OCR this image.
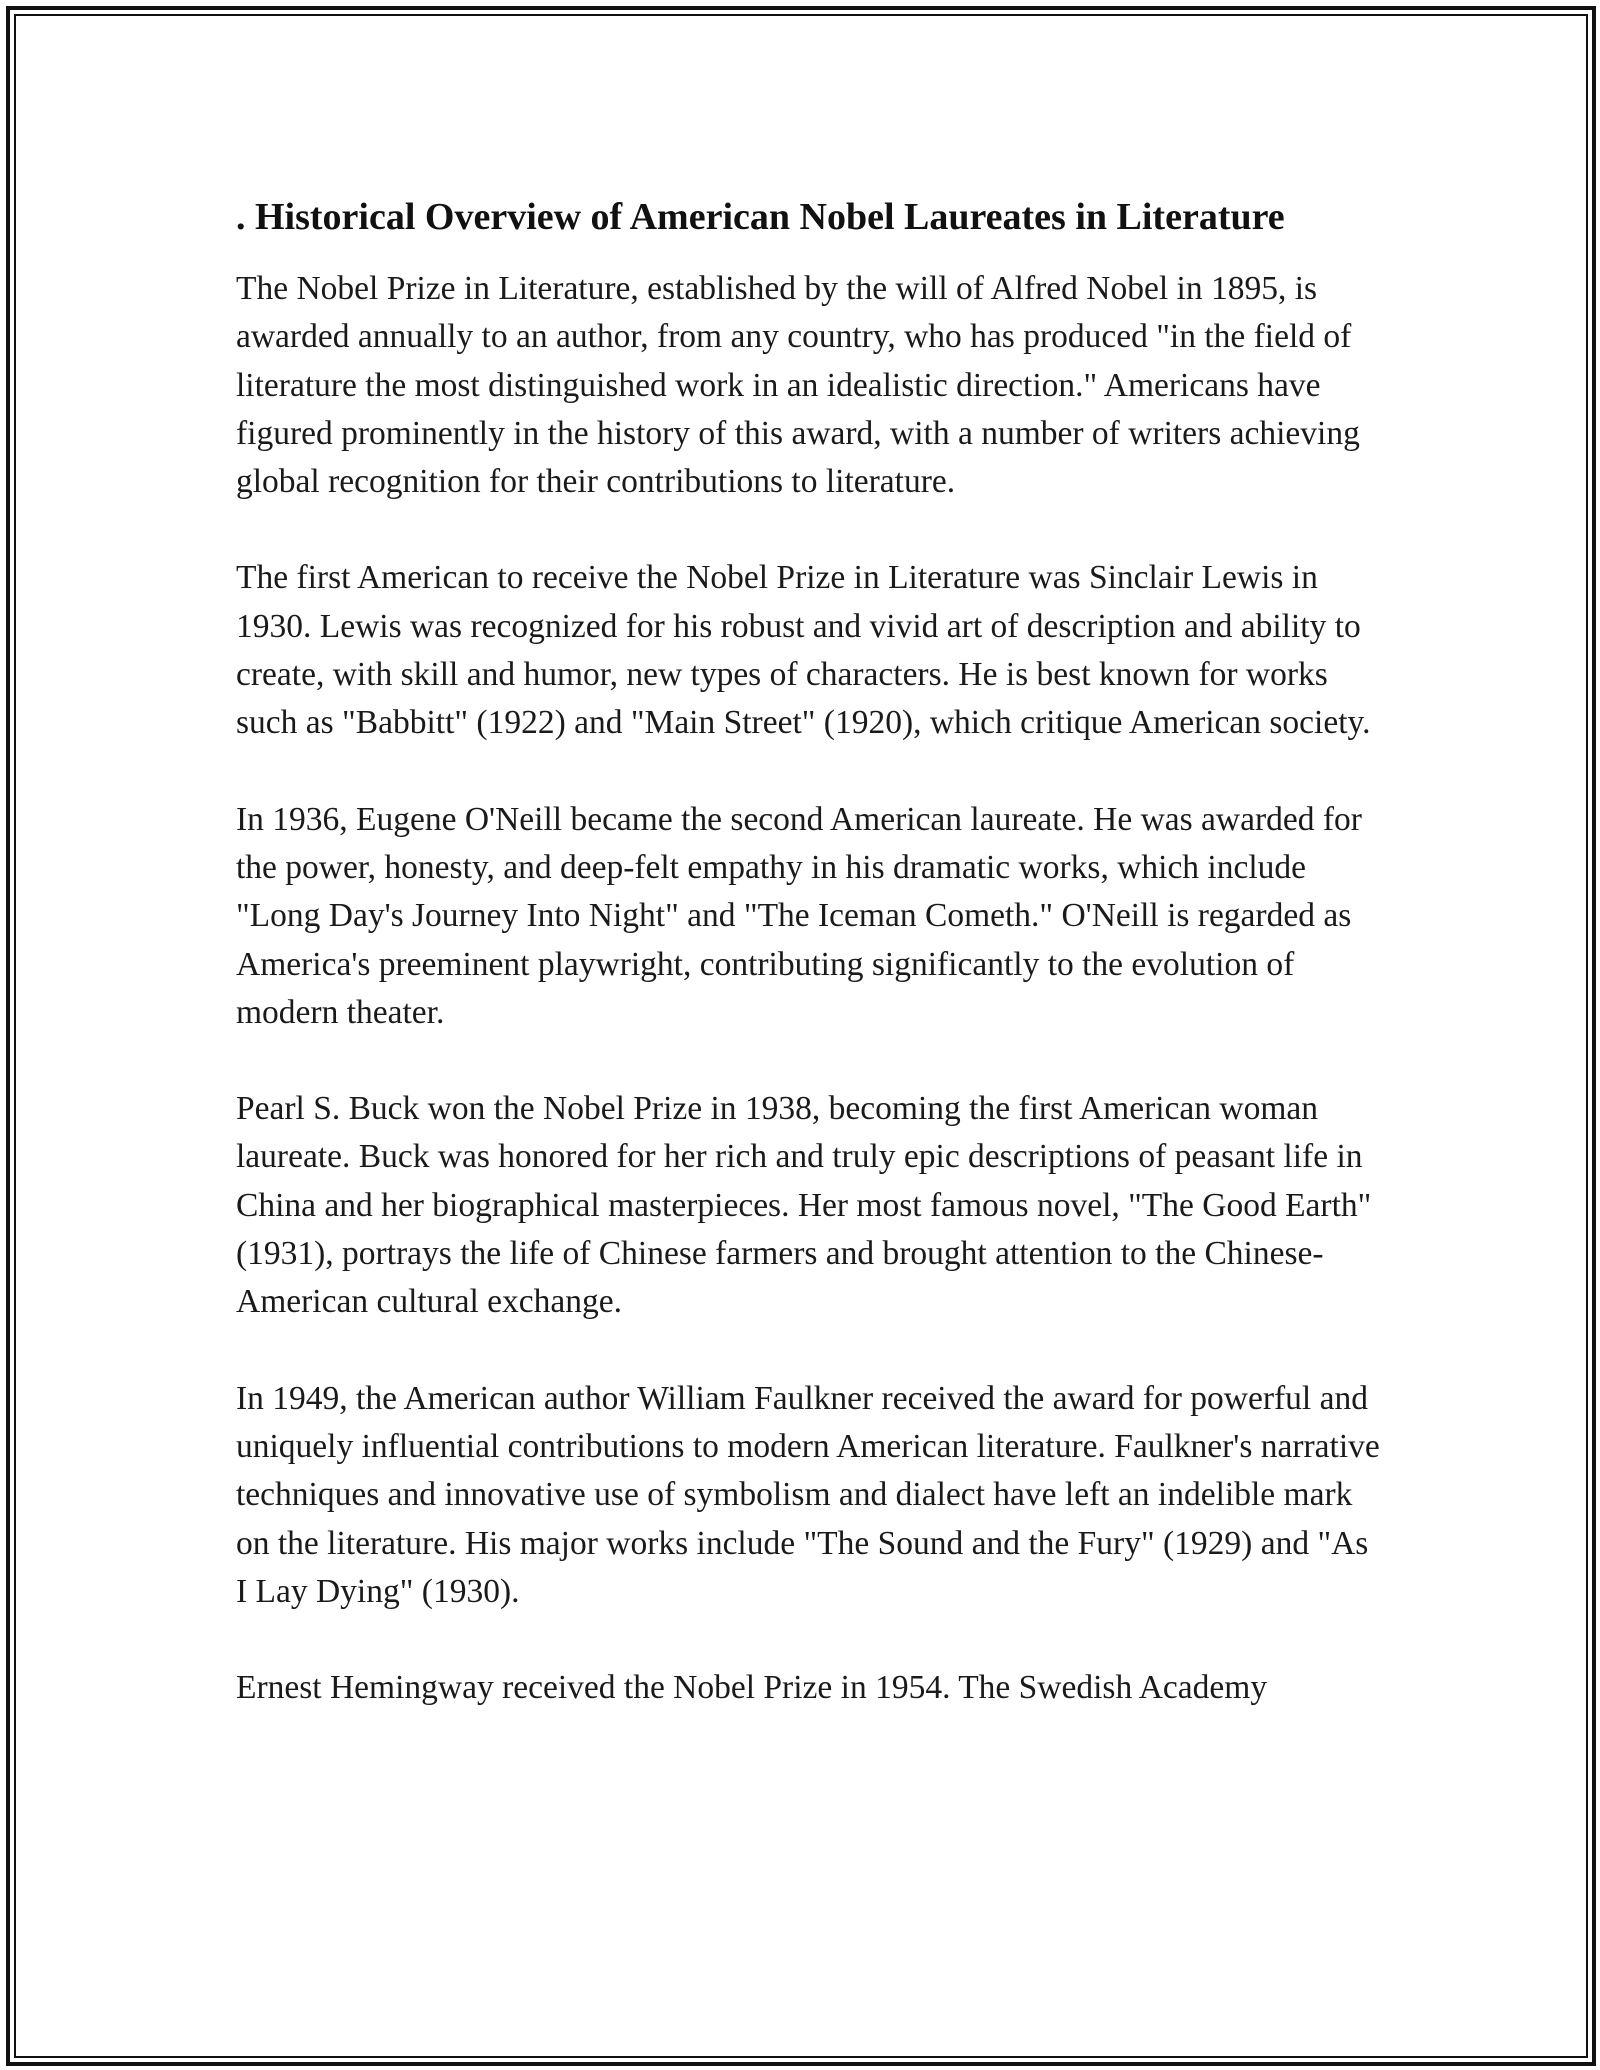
. Historical Overview of American Nobel Laureates in Literature

The Nobel Prize in Literature, established by the will of Alfred Nobel in 1895, is awarded annually to an author, from any country, who has produced "in the field of literature the most distinguished work in an idealistic direction." Americans have figured prominently in the history of this award, with a number of writers achieving global recognition for their contributions to literature.

The first American to receive the Nobel Prize in Literature was Sinclair Lewis in 1930. Lewis was recognized for his robust and vivid art of description and ability to create, with skill and humor, new types of characters. He is best known for works such as "Babbitt" (1922) and "Main Street" (1920), which critique American society.

In 1936, Eugene O'Neill became the second American laureate. He was awarded for the power, honesty, and deep-felt empathy in his dramatic works, which include "Long Day's Journey Into Night" and "The Iceman Cometh." O'Neill is regarded as America's preeminent playwright, contributing significantly to the evolution of modern theater.

Pearl S. Buck won the Nobel Prize in 1938, becoming the first American woman laureate. Buck was honored for her rich and truly epic descriptions of peasant life in China and her biographical masterpieces. Her most famous novel, "The Good Earth" (1931), portrays the life of Chinese farmers and brought attention to the Chinese-American cultural exchange.

In 1949, the American author William Faulkner received the award for powerful and uniquely influential contributions to modern American literature. Faulkner's narrative techniques and innovative use of symbolism and dialect have left an indelible mark on the literature. His major works include "The Sound and the Fury" (1929) and "As I Lay Dying" (1930).

Ernest Hemingway received the Nobel Prize in 1954. The Swedish Academy
